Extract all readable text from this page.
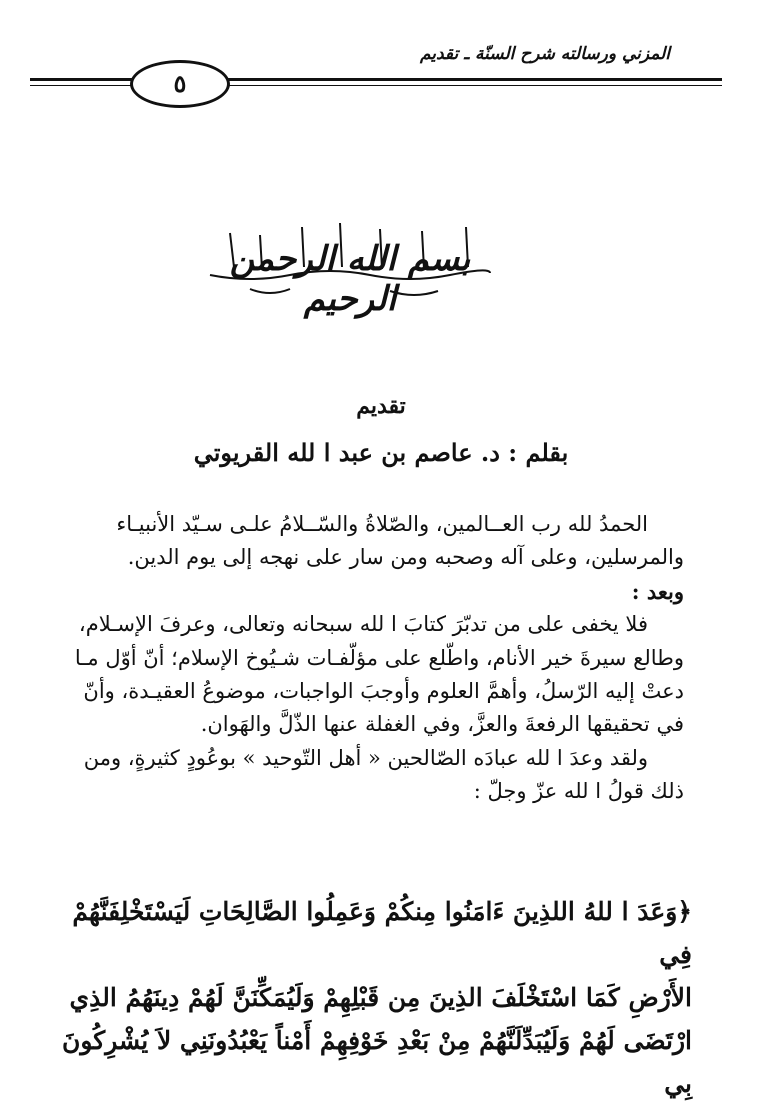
المزني ورسالته شرح السنّة ـ تقديم
٥
بسم الله الرحمن الرحيم
تقديم
بقلم : د. عاصم بن عبد ا لله القريوتي

الحمدُ لله رب العــالمين، والصّلاةُ والسّــلامُ علـى سـيّد الأنبيـاء

والمرسلين، وعلى آله وصحبه ومن سار على نهجه إلى يوم الدين.

وبعد :

فلا يخفى على من تدبّرَ كتابَ ا لله سبحانه وتعالى، وعرفَ الإسـلام،

وطالع سيرةَ خير الأنام، واطّلع على مؤلّفـات شـيُوخ الإسلام؛ أنّ أوّل مـا

دعتْ إليه الرّسلُ، وأهمَّ العلوم وأوجبَ الواجبات، موضوعُ العقيـدة، وأنّ

في تحقيقها الرفعةَ والعزَّ، وفي الغفلة عنها الذّلَّ والهَوان.

ولقد وعدَ ا لله عبادَه الصّالحين « أهل التّوحيد » بوعُودٍ كثيرةٍ، ومن

ذلك قولُ ا لله عزّ وجلّ :

﴿وَعَدَ ا للهُ اللذِينَ ءَامَنُوا مِنكُمْ وَعَمِلُوا الصَّالِحَاتِ لَيَسْتَخْلِفَنَّهُمْ فِي

الأَرْضِ كَمَا اسْتَخْلَفَ الذِينَ مِن قَبْلِهِمْ وَلَيُمَكِّنَنَّ لَهُمْ دِينَهُمُ الذِي

ارْتَضَى لَهُمْ وَلَيُبَدِّلَنَّهُمْ مِنْ بَعْدِ خَوْفِهِمْ أَمْناً يَعْبُدُونَنِي لاَ يُشْرِكُونَ بِي
